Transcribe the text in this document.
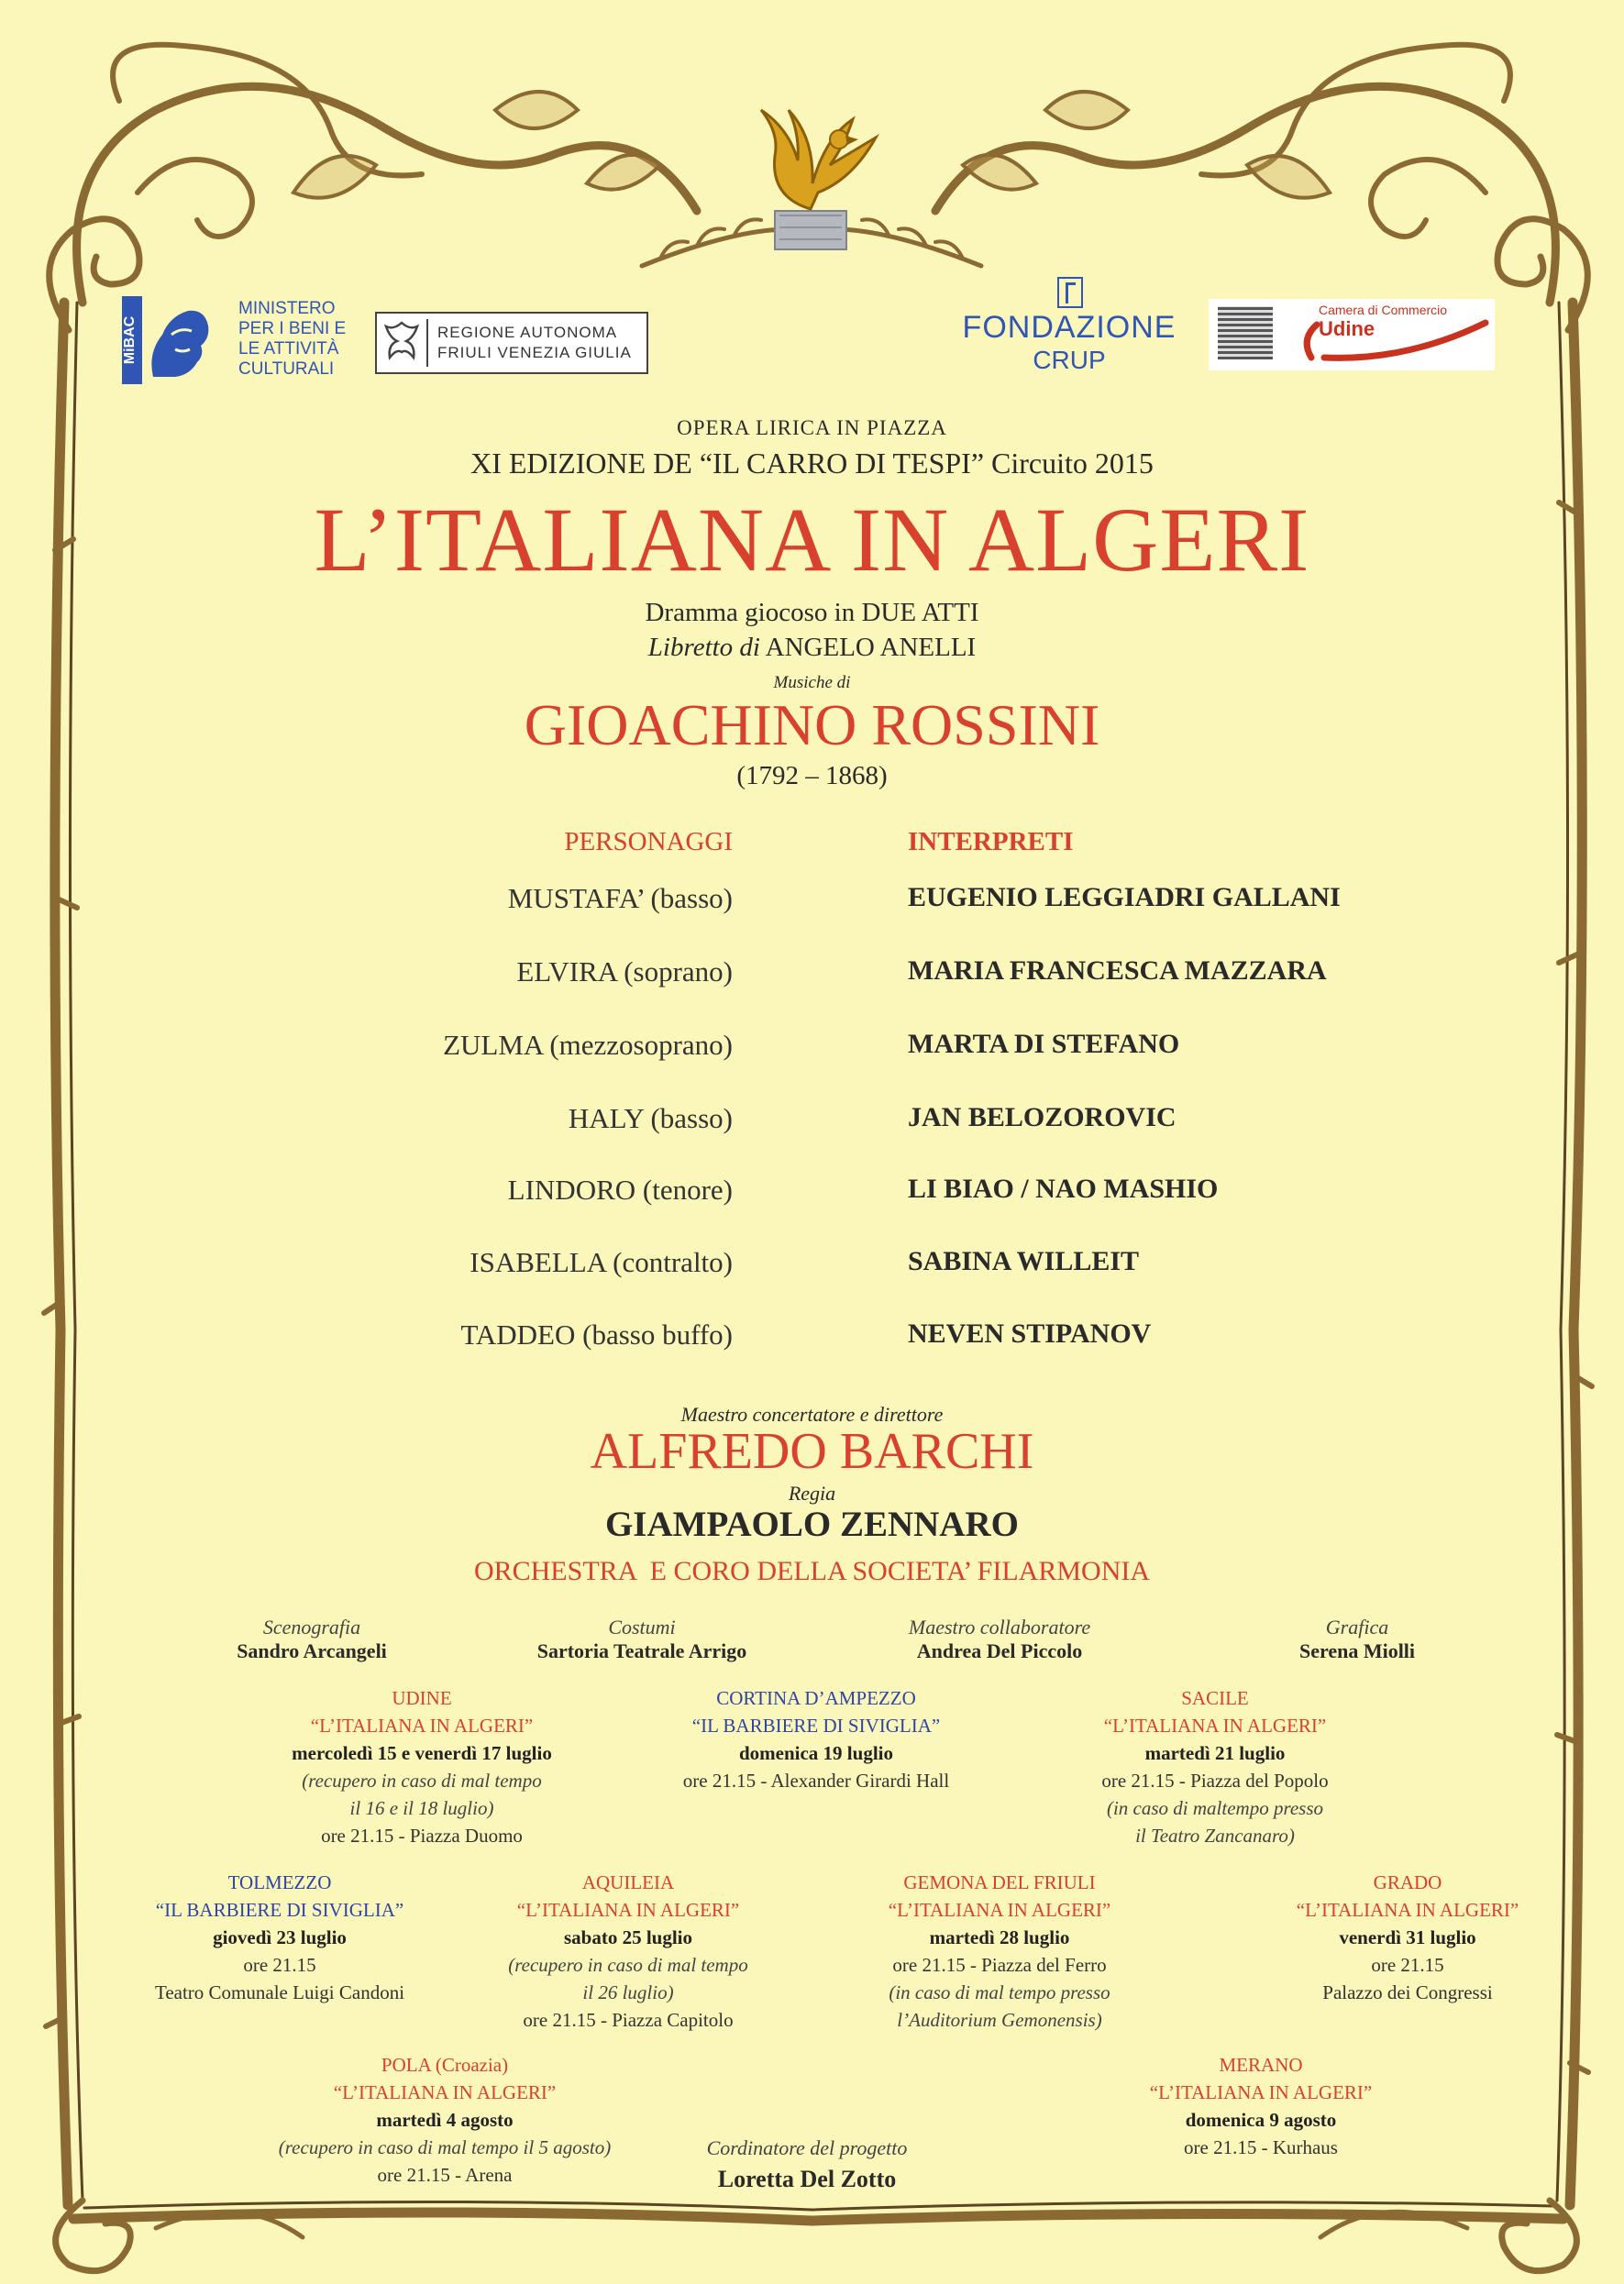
MiBAC
MINISTERO
PER I BENI E
LE ATTIVITÀ
CULTURALI
REGIONE AUTONOMA
FRIULI VENEZIA GIULIA
FONDAZIONE
CRUP
Camera di Commercio
Udine
OPERA LIRICA IN PIAZZA
XI EDIZIONE DE “IL CARRO DI TESPI” Circuito 2015
L’ITALIANA IN ALGERI
Dramma giocoso in DUE ATTI
Libretto di ANGELO ANELLI
Musiche di
GIOACHINO ROSSINI
(1792 – 1868)
PERSONAGGI	INTERPRETI
MUSTAFA’ (basso)	EUGENIO LEGGIADRI GALLANI
ELVIRA (soprano)	MARIA FRANCESCA MAZZARA
ZULMA (mezzosoprano)	MARTA DI STEFANO
HALY (basso)	JAN BELOZOROVIC
LINDORO (tenore)	LI BIAO / NAO MASHIO
ISABELLA (contralto)	SABINA WILLEIT
TADDEO (basso buffo)	NEVEN STIPANOV
Maestro concertatore e direttore
ALFREDO BARCHI
Regia
GIAMPAOLO ZENNARO
ORCHESTRA  E CORO DELLA SOCIETA’ FILARMONIA
Scenografia
Sandro Arcangeli
Costumi
Sartoria Teatrale Arrigo
Maestro collaboratore
Andrea Del Piccolo
Grafica
Serena Miolli
UDINE
“L’ITALIANA IN ALGERI”
mercoledì 15 e venerdì 17 luglio
(recupero in caso di mal tempo
il 16 e il 18 luglio)
ore 21.15 - Piazza Duomo
CORTINA D’AMPEZZO
“IL BARBIERE DI SIVIGLIA”
domenica 19 luglio
ore 21.15 - Alexander Girardi Hall
SACILE
“L’ITALIANA IN ALGERI”
martedì 21 luglio
ore 21.15 - Piazza del Popolo
(in caso di maltempo presso
il Teatro Zancanaro)
TOLMEZZO
“IL BARBIERE DI SIVIGLIA”
giovedì 23 luglio
ore 21.15
Teatro Comunale Luigi Candoni
AQUILEIA
“L’ITALIANA IN ALGERI”
sabato 25 luglio
(recupero in caso di mal tempo
il 26 luglio)
ore 21.15 - Piazza Capitolo
GEMONA DEL FRIULI
“L’ITALIANA IN ALGERI”
martedì 28 luglio
ore 21.15 - Piazza del Ferro
(in caso di mal tempo presso
l’Auditorium Gemonensis)
GRADO
“L’ITALIANA IN ALGERI”
venerdì 31 luglio
ore 21.15
Palazzo dei Congressi
POLA (Croazia)
“L’ITALIANA IN ALGERI”
martedì 4 agosto
(recupero in caso di mal tempo il 5 agosto)
ore 21.15 - Arena
MERANO
“L’ITALIANA IN ALGERI”
domenica 9 agosto
ore 21.15 - Kurhaus
Cordinatore del progetto
Loretta Del Zotto
